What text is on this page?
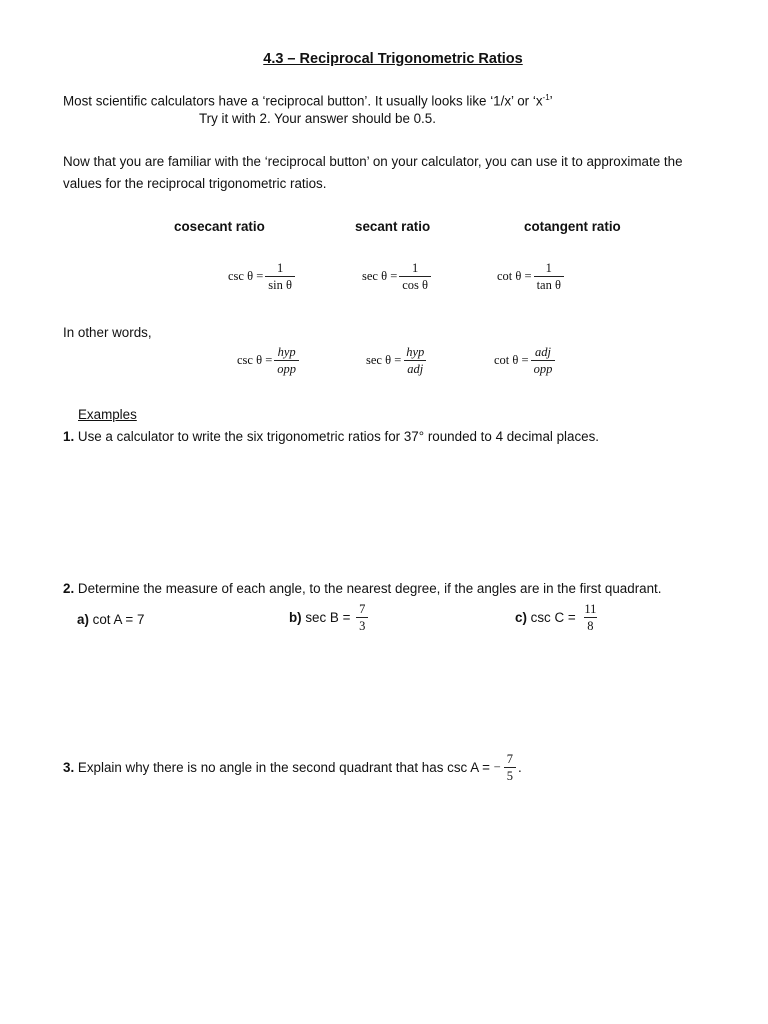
4.3 – Reciprocal Trigonometric Ratios
Most scientific calculators have a ‘reciprocal button’. It usually looks like ‘1/x’ or ‘$x^{-1}$’
Try it with 2. Your answer should be 0.5.
Now that you are familiar with the ‘reciprocal button’ on your calculator, you can use it to approximate the
values for the reciprocal trigonometric ratios.
cosecant ratio	secant ratio	cotangent ratio
$\csc \theta = \frac{1}{\text{sin θ}}$	$\sec \theta = \frac{1}{\text{cos θ}}$	$\cot \theta = \frac{1}{\text{tan θ}}$
In other words,
$\csc \theta = \frac{\text{hyp}}{\text{opp}}$	$\sec \theta = \frac{\text{hyp}}{\text{adj}}$	$\cot \theta = \frac{\text{adj}}{\text{opp}}$
Examples
1. Use a calculator to write the six trigonometric ratios for 37° rounded to 4 decimal places.
2. Determine the measure of each angle, to the nearest degree, if the angles are in the first quadrant.
a) cot A = 7	b) $\sec B = \frac{7}{3}$	c) $\csc C = \frac{11}{8}$
3. Explain why there is no angle in the second quadrant that has csc A = − $\frac{7}{5}$ .
